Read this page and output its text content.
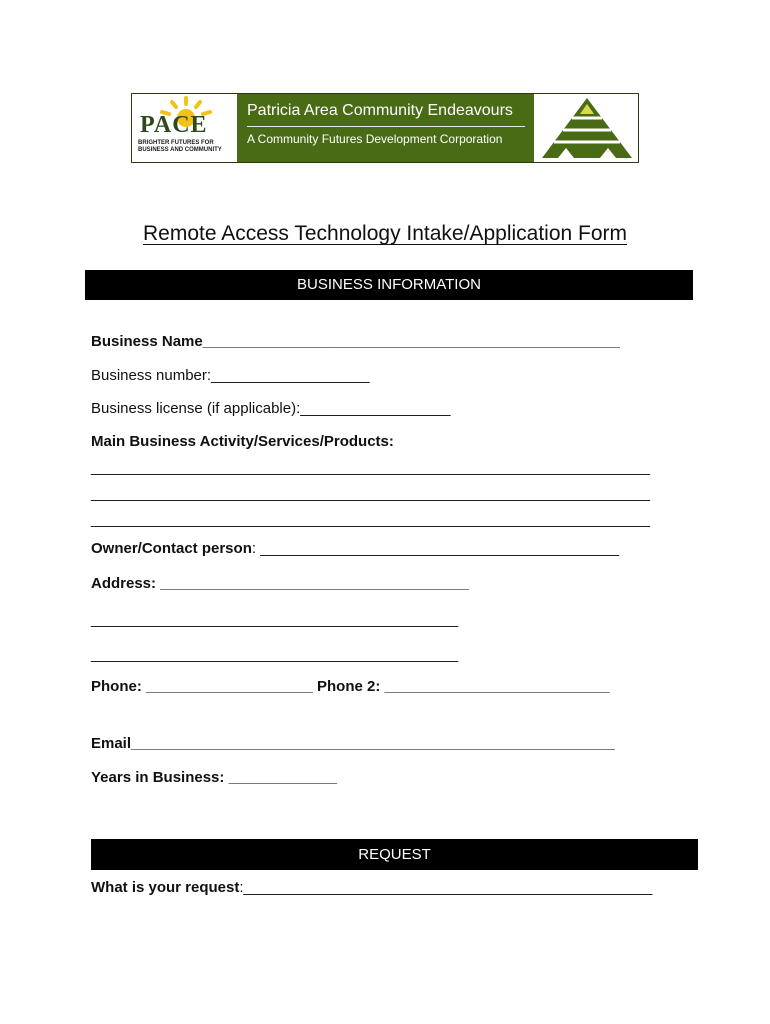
PACE
BRIGHTER FUTURES FOR BUSINESS AND COMMUNITY
Patricia Area Community Endeavours
A Community Futures Development Corporation
Remote Access Technology Intake/Application Form
BUSINESS INFORMATION
Business Name__________________________________________________
Business number:___________________
Business license (if applicable):__________________
Main Business Activity/Services/Products:
___________________________________________________________________
___________________________________________________________________
___________________________________________________________________
Owner/Contact person: ___________________________________________
Address: _____________________________________
____________________________________________
____________________________________________
Phone: ____________________ Phone 2: ___________________________
Email__________________________________________________________
Years in Business: _____________
REQUEST
What is your request:_________________________________________________
